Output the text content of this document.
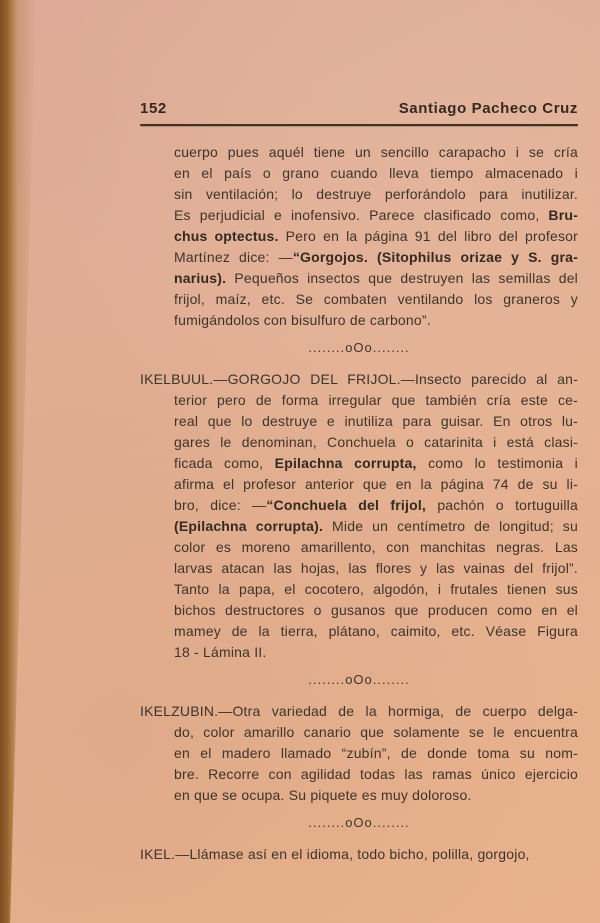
152	Santiago Pacheco Cruz
cuerpo pues aquél tiene un sencillo carapacho i se cría
en el país o grano cuando lleva tiempo almacenado i
sin ventilación; lo destruye perforándolo para inutilizar.
Es perjudicial e inofensivo. Parece clasificado como, Bru-
chus optectus. Pero en la página 91 del libro del profesor
Martínez dice: —“Gorgojos. (Sitophilus orizae y S. gra-
narius). Pequeños insectos que destruyen las semillas del
frijol, maíz, etc. Se combaten ventilando los graneros y
fumigándolos con bisulfuro de carbono”.
........oOo........
IKELBUUL.—GORGOJO DEL FRIJOL.—Insecto parecido al an-
terior pero de forma irregular que también cría este ce-
real que lo destruye e inutiliza para guisar. En otros lu-
gares le denominan, Conchuela o catarinita i está clasi-
ficada como, Epilachna corrupta, como lo testimonia i
afirma el profesor anterior que en la página 74 de su li-
bro, dice: —“Conchuela del frijol, pachón o tortuguilla
(Epilachna corrupta). Mide un centímetro de longitud; su
color es moreno amarillento, con manchitas negras. Las
larvas atacan las hojas, las flores y las vainas del frijol”.
Tanto la papa, el cocotero, algodón, i frutales tienen sus
bichos destructores o gusanos que producen como en el
mamey de la tierra, plátano, caimito, etc. Véase Figura
18 - Lámina II.
........oOo........
IKELZUBIN.—Otra variedad de la hormiga, de cuerpo delga-
do, color amarillo canario que solamente se le encuentra
en el madero llamado “zubín”, de donde toma su nom-
bre. Recorre con agilidad todas las ramas único ejercicio
en que se ocupa. Su piquete es muy doloroso.
........oOo........
IKEL.—Llámase así en el idioma, todo bicho, polilla, gorgojo,
